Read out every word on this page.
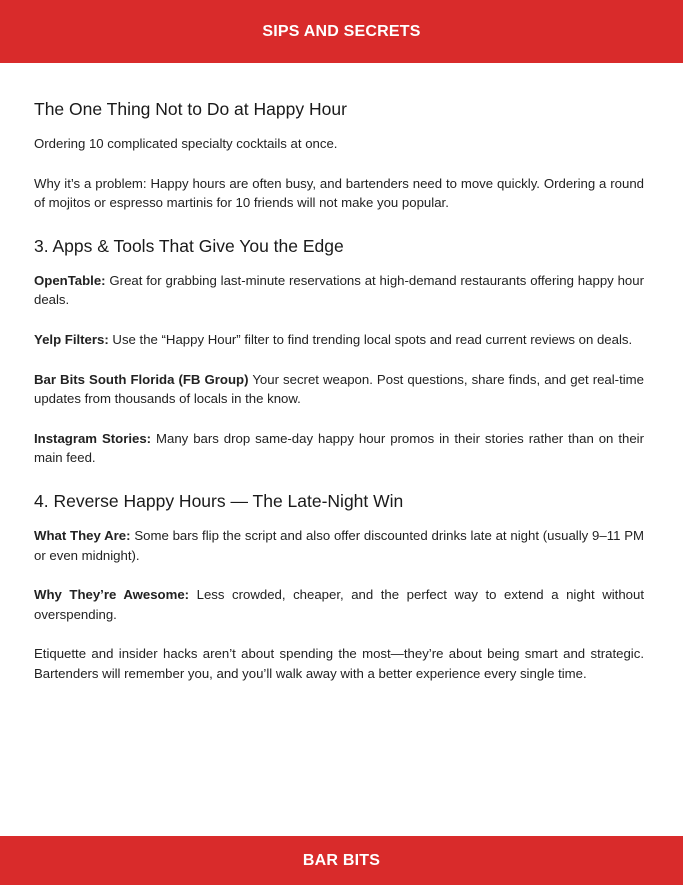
SIPS AND SECRETS
The One Thing Not to Do at Happy Hour

Ordering 10 complicated specialty cocktails at once.

Why it’s a problem: Happy hours are often busy, and bartenders need to move quickly. Ordering a round of mojitos or espresso martinis for 10 friends will not make you popular.

3. Apps & Tools That Give You the Edge

OpenTable: Great for grabbing last-minute reservations at high-demand restaurants offering happy hour deals.

Yelp Filters: Use the “Happy Hour” filter to find trending local spots and read current reviews on deals.

Bar Bits South Florida (FB Group) Your secret weapon. Post questions, share finds, and get real-time updates from thousands of locals in the know.

Instagram Stories: Many bars drop same-day happy hour promos in their stories rather than on their main feed.

4. Reverse Happy Hours — The Late-Night Win

What They Are: Some bars flip the script and also offer discounted drinks late at night (usually 9–11 PM or even midnight).

Why They’re Awesome: Less crowded, cheaper, and the perfect way to extend a night without overspending.

Etiquette and insider hacks aren’t about spending the most—they’re about being smart and strategic. Bartenders will remember you, and you’ll walk away with a better experience every single time.

BAR BITS
